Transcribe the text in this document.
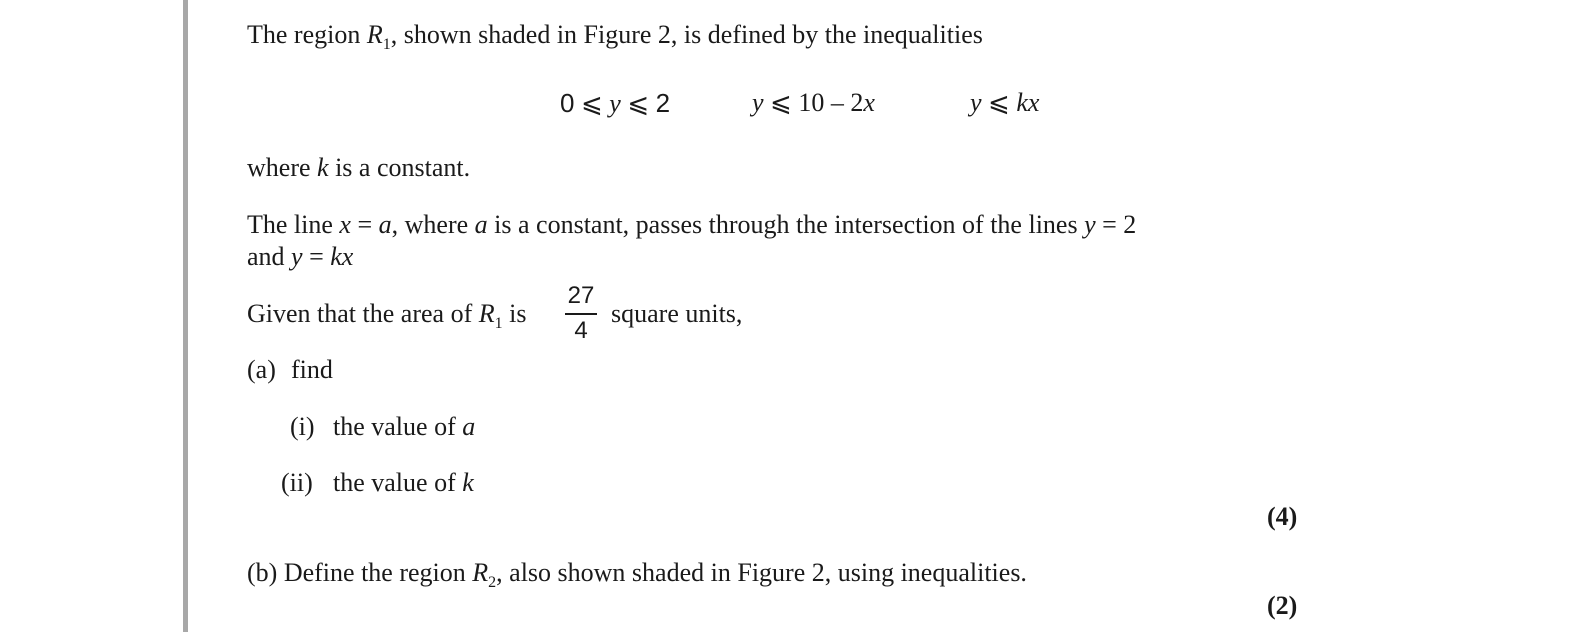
The region $R_1$, shown shaded in Figure 2, is defined by the inequalities
0 ⩽ y ⩽ 2	y ⩽ 10 – 2x	y ⩽ kx
where k is a constant.
The line x = a, where a is a constant, passes through the intersection of the lines y = 2
and y = kx
Given that the area of $R_1$ is
27
4
square units,
(a) find
(i) the value of a
(ii) the value of k
(4)
(b) Define the region $R_2$, also shown shaded in Figure 2, using inequalities.
(2)
